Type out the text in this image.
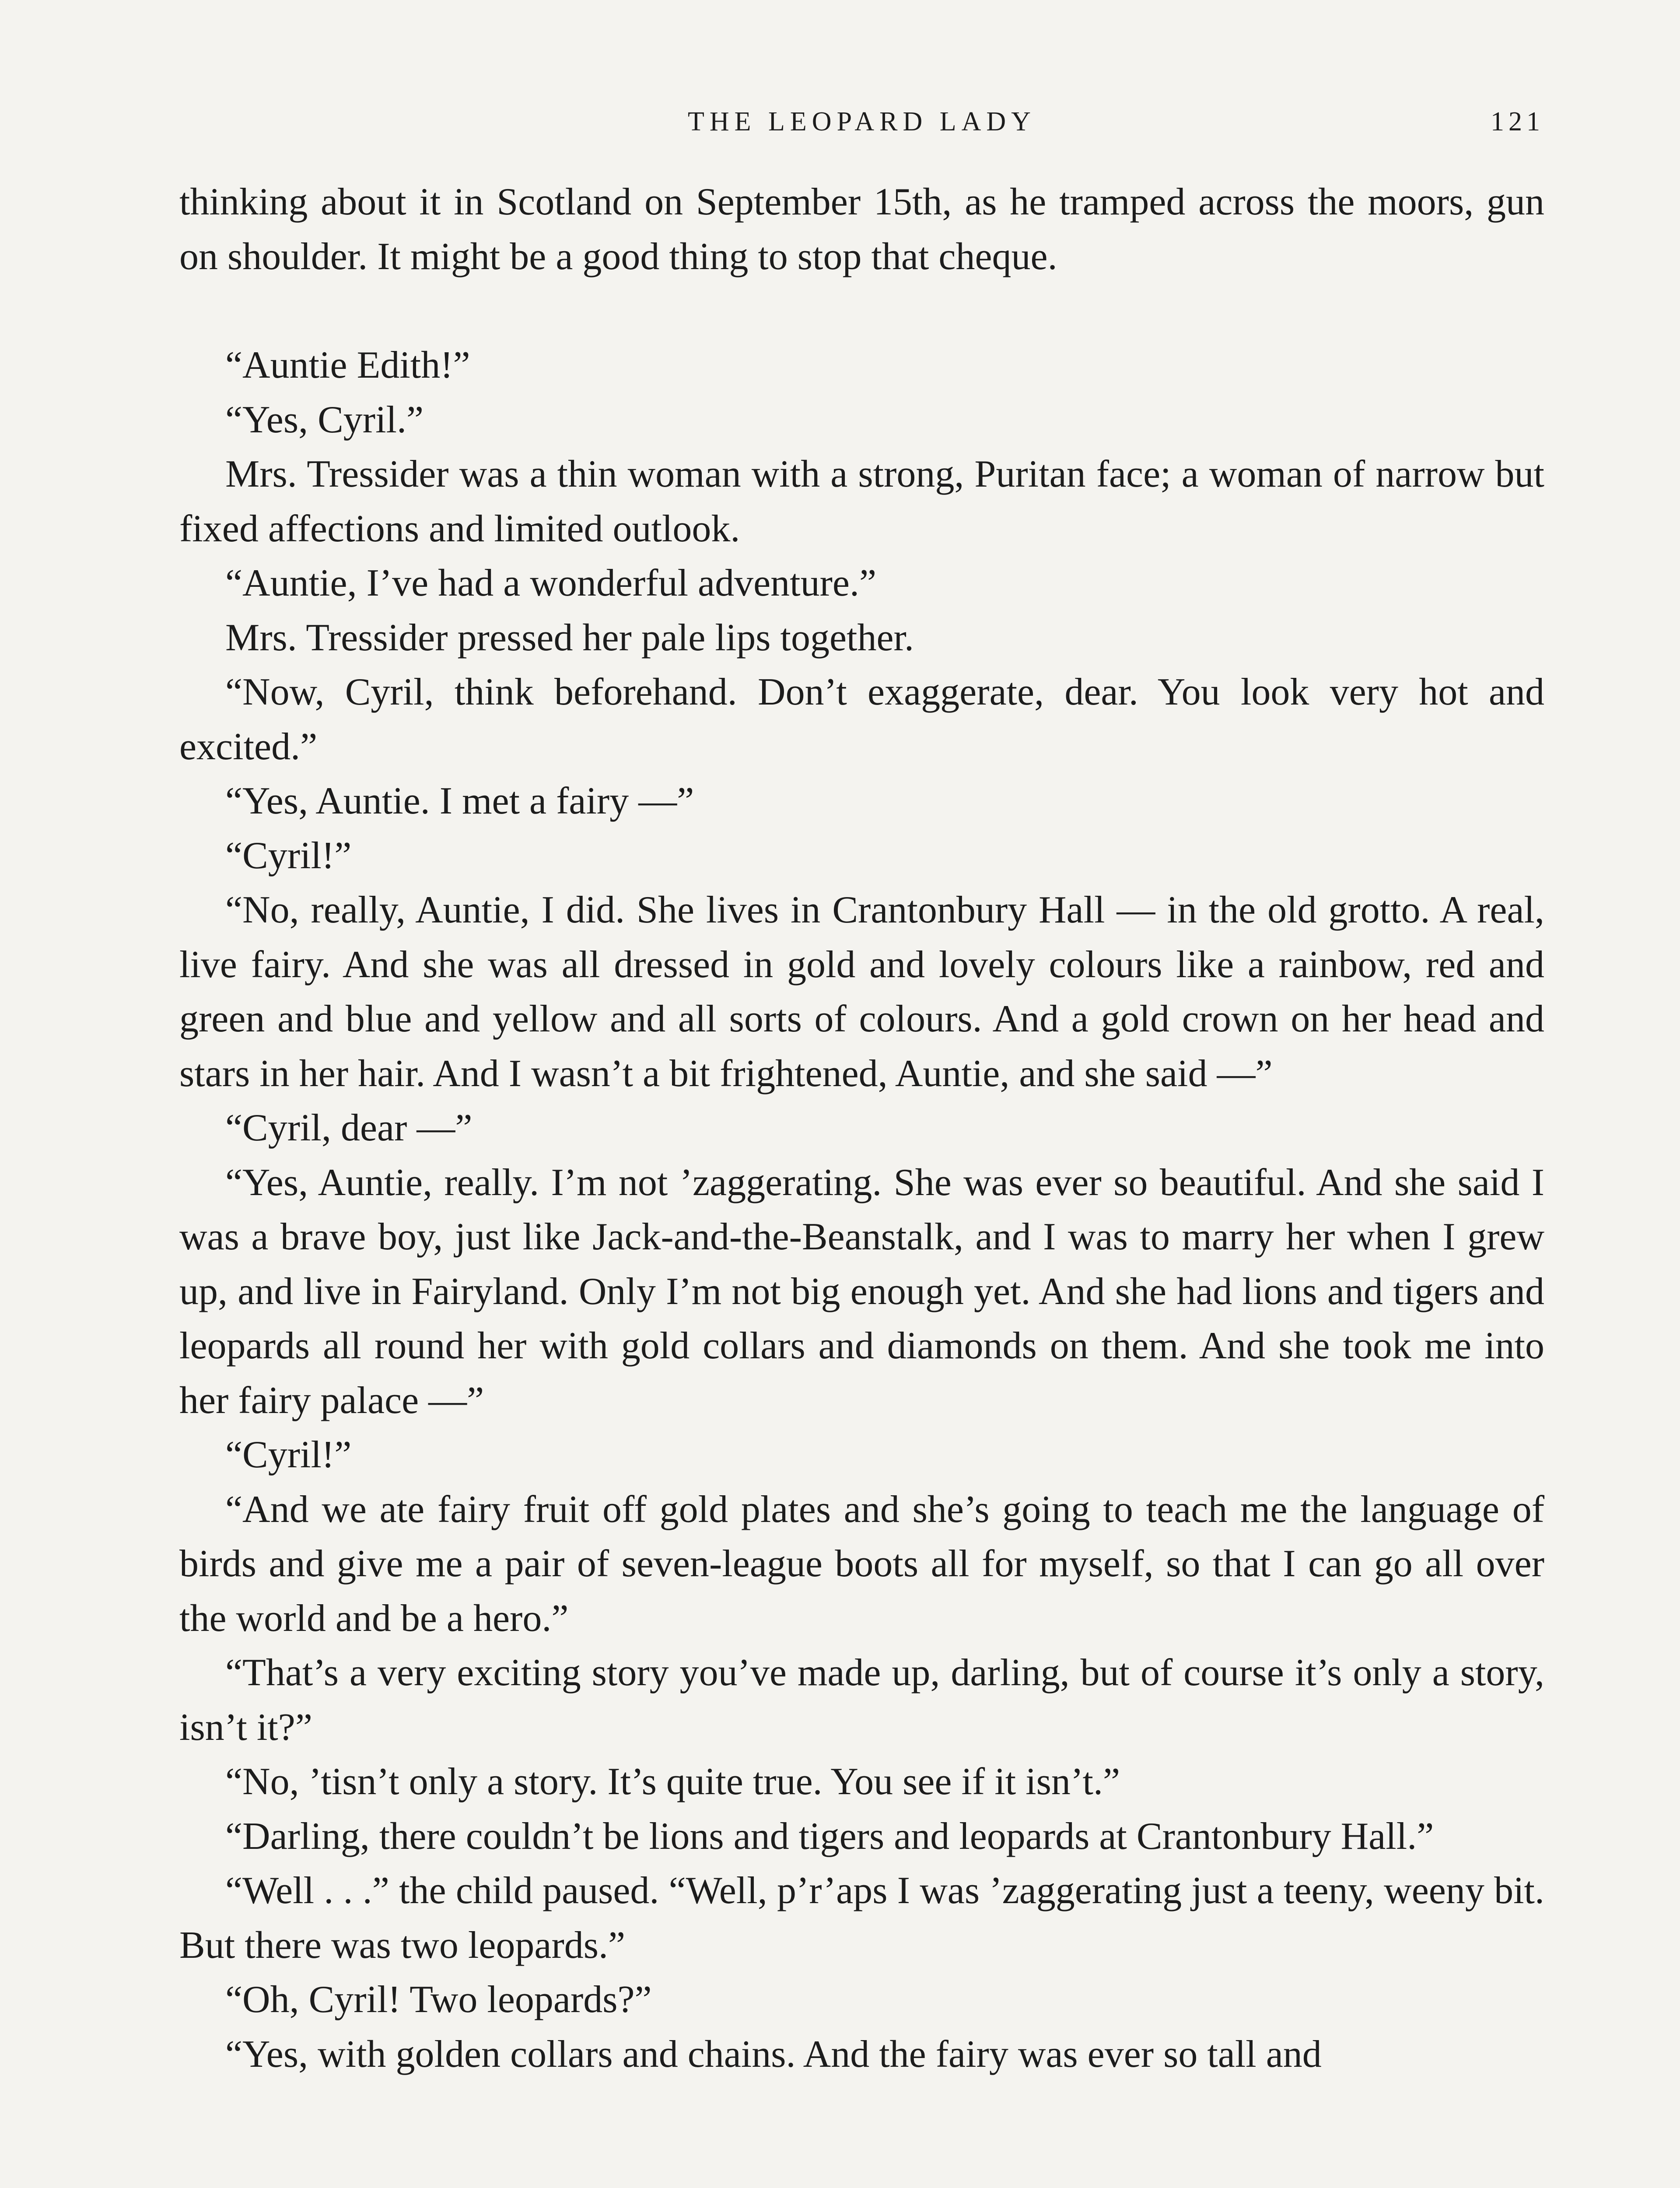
THE LEOPARD LADY	121

thinking about it in Scotland on September 15th, as he tramped across the moors, gun on shoulder. It might be a good thing to stop that cheque.

“Auntie Edith!”

“Yes, Cyril.”

Mrs. Tressider was a thin woman with a strong, Puritan face; a woman of narrow but fixed affections and limited outlook.

“Auntie, I’ve had a wonderful adventure.”

Mrs. Tressider pressed her pale lips together.

“Now, Cyril, think beforehand. Don’t exaggerate, dear. You look very hot and excited.”

“Yes, Auntie. I met a fairy —”

“Cyril!”

“No, really, Auntie, I did. She lives in Crantonbury Hall — in the old grotto. A real, live fairy. And she was all dressed in gold and lovely colours like a rainbow, red and green and blue and yellow and all sorts of colours. And a gold crown on her head and stars in her hair. And I wasn’t a bit frightened, Auntie, and she said —”

“Cyril, dear —”

“Yes, Auntie, really. I’m not ’zaggerating. She was ever so beautiful. And she said I was a brave boy, just like Jack-and-the-Beanstalk, and I was to marry her when I grew up, and live in Fairyland. Only I’m not big enough yet. And she had lions and tigers and leopards all round her with gold collars and diamonds on them. And she took me into her fairy palace —”

“Cyril!”

“And we ate fairy fruit off gold plates and she’s going to teach me the language of birds and give me a pair of seven-league boots all for myself, so that I can go all over the world and be a hero.”

“That’s a very exciting story you’ve made up, darling, but of course it’s only a story, isn’t it?”

“No, ’tisn’t only a story. It’s quite true. You see if it isn’t.”

“Darling, there couldn’t be lions and tigers and leopards at Crantonbury Hall.”

“Well . . .” the child paused. “Well, p’r’aps I was ’zaggerating just a teeny, weeny bit. But there was two leopards.”

“Oh, Cyril! Two leopards?”

“Yes, with golden collars and chains. And the fairy was ever so tall and
